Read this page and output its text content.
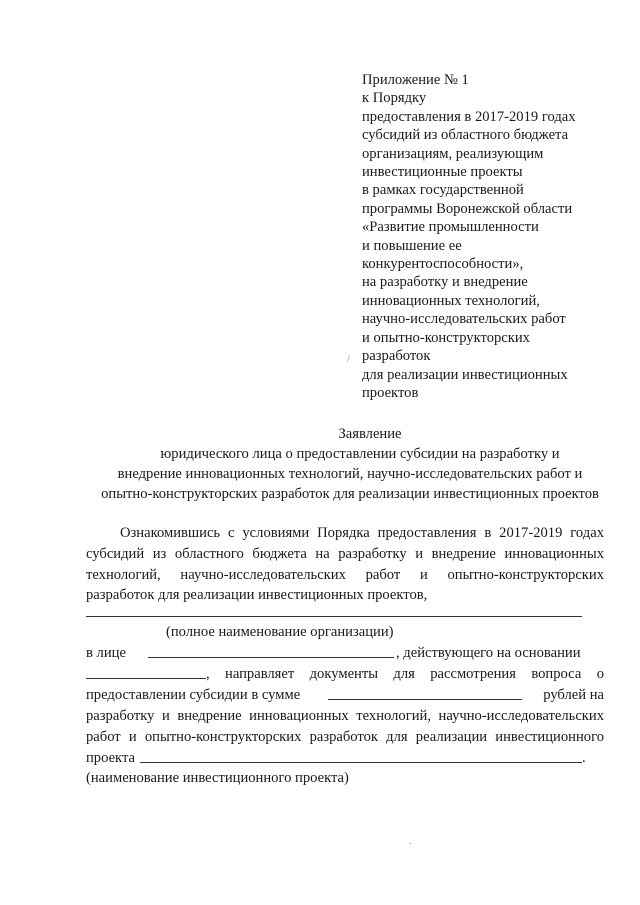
Приложение № 1
к Порядку
предоставления в 2017-2019 годах
субсидий из областного бюджета
организациям, реализующим
инвестиционные проекты
в рамках государственной
программы Воронежской области
«Развитие промышленности
и повышение ее
конкурентоспособности»,
на разработку и внедрение
инновационных технологий,
научно-исследовательских работ
и опытно-конструкторских
разработок
для реализации инвестиционных
проектов
/
Заявление
юридического лица о предоставлении субсидии на разработку и
внедрение инновационных технологий, научно-исследовательских работ и
опытно-конструкторских разработок для реализации инвестиционных проектов
Ознакомившись с условиями Порядка предоставления в 2017-2019 годах
субсидий из областного бюджета на разработку и внедрение инновационных
технологий, научно-исследовательских работ и опытно-конструкторских
разработок для реализации инвестиционных проектов,
(полное наименование организации)
в лице	, действующего на основании
, направляет документы для рассмотрения вопроса о
предоставлении субсидии в сумме	рублей на
разработку и внедрение инновационных технологий, научно-исследовательских
работ и опытно-конструкторских разработок для реализации инвестиционного
проекта	.
(наименование инвестиционного проекта)
.
